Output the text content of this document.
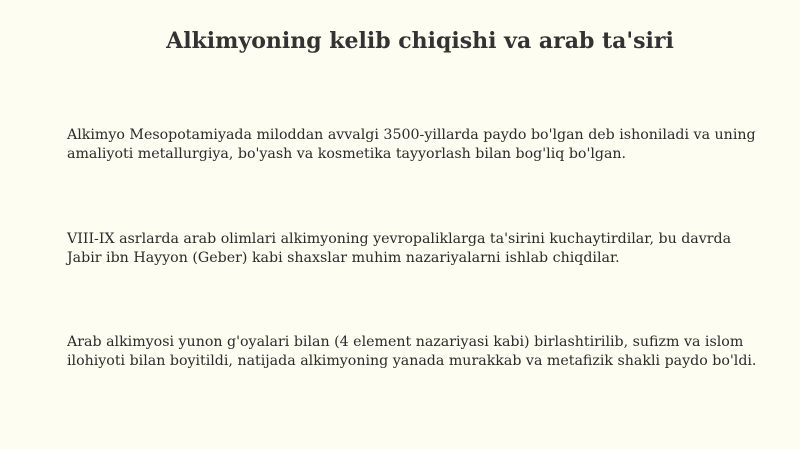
Alkimyoning kelib chiqishi va arab ta'siri

Alkimyo Mesopotamiyada miloddan avvalgi 3500-yillarda paydo bo'lgan deb ishoniladi va uning amaliyoti metallurgiya, bo'yash va kosmetika tayyorlash bilan bog'liq bo'lgan.

VIII-IX asrlarda arab olimlari alkimyoning yevropaliklarga ta'sirini kuchaytirdilar, bu davrda Jabir ibn Hayyon (Geber) kabi shaxslar muhim nazariyalarni ishlab chiqdilar.

Arab alkimyosi yunon g'oyalari bilan (4 element nazariyasi kabi) birlashtirilib, sufizm va islom ilohiyoti bilan boyitildi, natijada alkimyoning yanada murakkab va metafizik shakli paydo bo'ldi.
